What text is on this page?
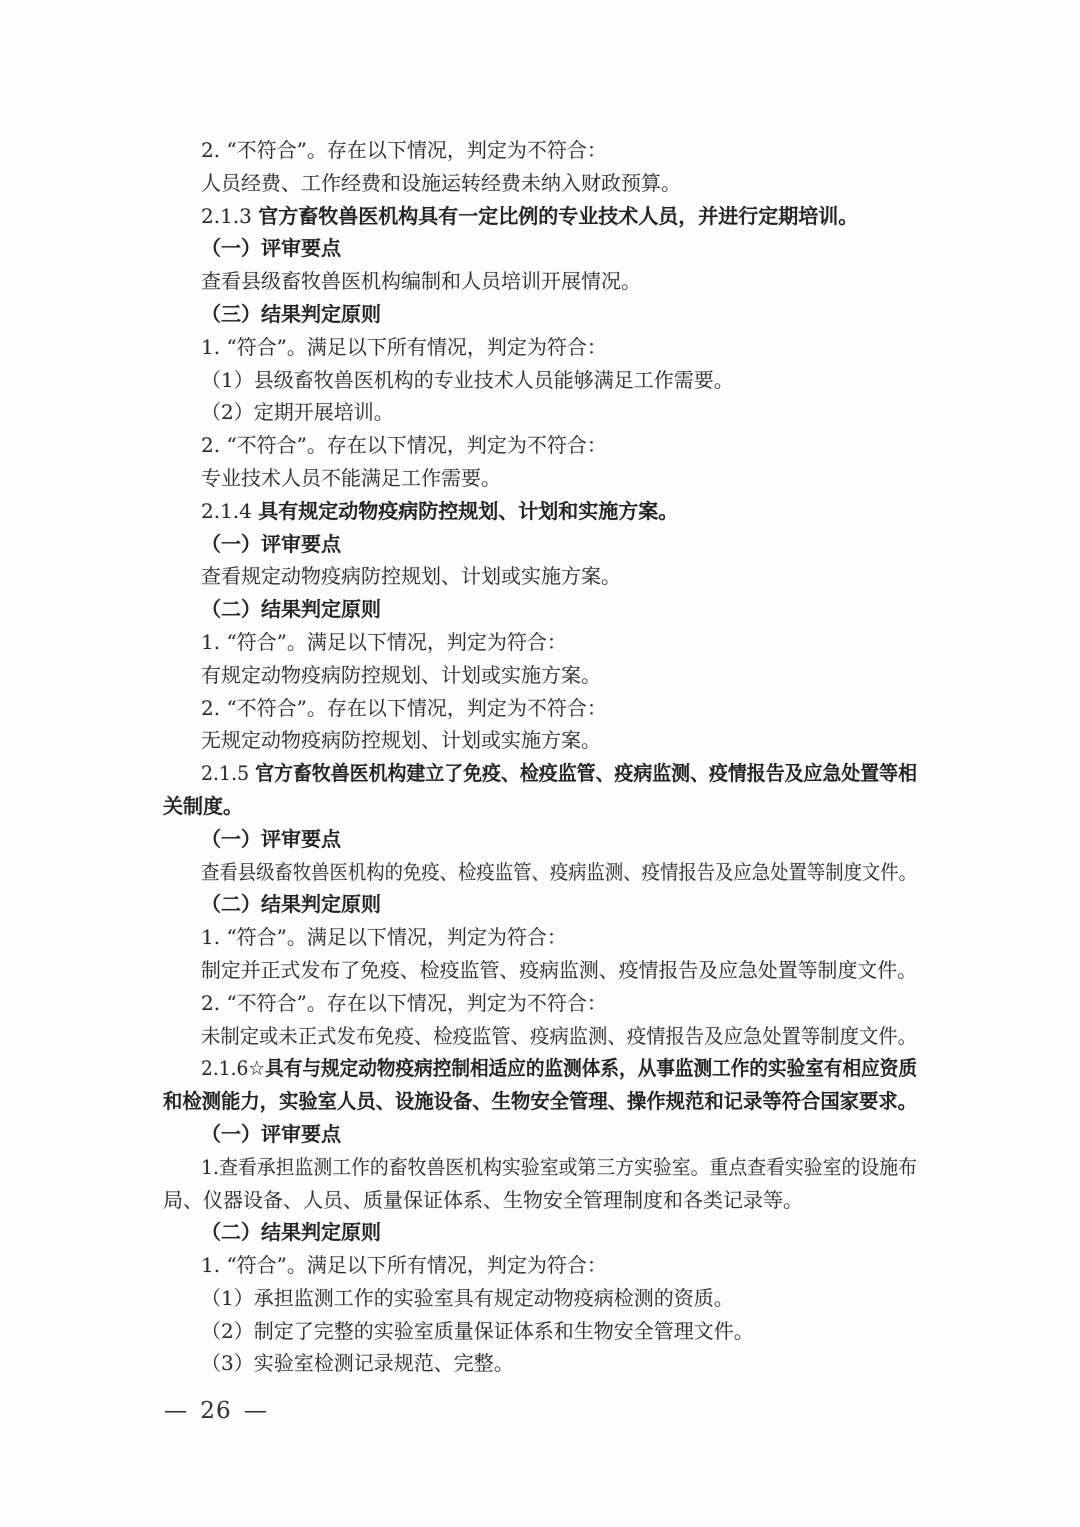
2. “不符合”。存在以下情况，判定为不符合：
人员经费、工作经费和设施运转经费未纳入财政预算。
2.1.3 官方畜牧兽医机构具有一定比例的专业技术人员，并进行定期培训。
（一）评审要点
查看县级畜牧兽医机构编制和人员培训开展情况。
（三）结果判定原则
1. “符合”。满足以下所有情况，判定为符合：
（1）县级畜牧兽医机构的专业技术人员能够满足工作需要。
（2）定期开展培训。
2. “不符合”。存在以下情况，判定为不符合：
专业技术人员不能满足工作需要。
2.1.4 具有规定动物疫病防控规划、计划和实施方案。
（一）评审要点
查看规定动物疫病防控规划、计划或实施方案。
（二）结果判定原则
1. “符合”。满足以下情况，判定为符合：
有规定动物疫病防控规划、计划或实施方案。
2. “不符合”。存在以下情况，判定为不符合：
无规定动物疫病防控规划、计划或实施方案。
2.1.5 官方畜牧兽医机构建立了免疫、检疫监管、疫病监测、疫情报告及应急处置等相
关制度。
（一）评审要点
查看县级畜牧兽医机构的免疫、检疫监管、疫病监测、疫情报告及应急处置等制度文件。
（二）结果判定原则
1. “符合”。满足以下情况，判定为符合：
制定并正式发布了免疫、检疫监管、疫病监测、疫情报告及应急处置等制度文件。
2. “不符合”。存在以下情况，判定为不符合：
未制定或未正式发布免疫、检疫监管、疫病监测、疫情报告及应急处置等制度文件。
2.1.6☆具有与规定动物疫病控制相适应的监测体系，从事监测工作的实验室有相应资质
和检测能力，实验室人员、设施设备、生物安全管理、操作规范和记录等符合国家要求。
（一）评审要点
1.查看承担监测工作的畜牧兽医机构实验室或第三方实验室。重点查看实验室的设施布
局、仪器设备、人员、质量保证体系、生物安全管理制度和各类记录等。
（二）结果判定原则
1. “符合”。满足以下所有情况，判定为符合：
（1）承担监测工作的实验室具有规定动物疫病检测的资质。
（2）制定了完整的实验室质量保证体系和生物安全管理文件。
（3）实验室检测记录规范、完整。
— 26 —
